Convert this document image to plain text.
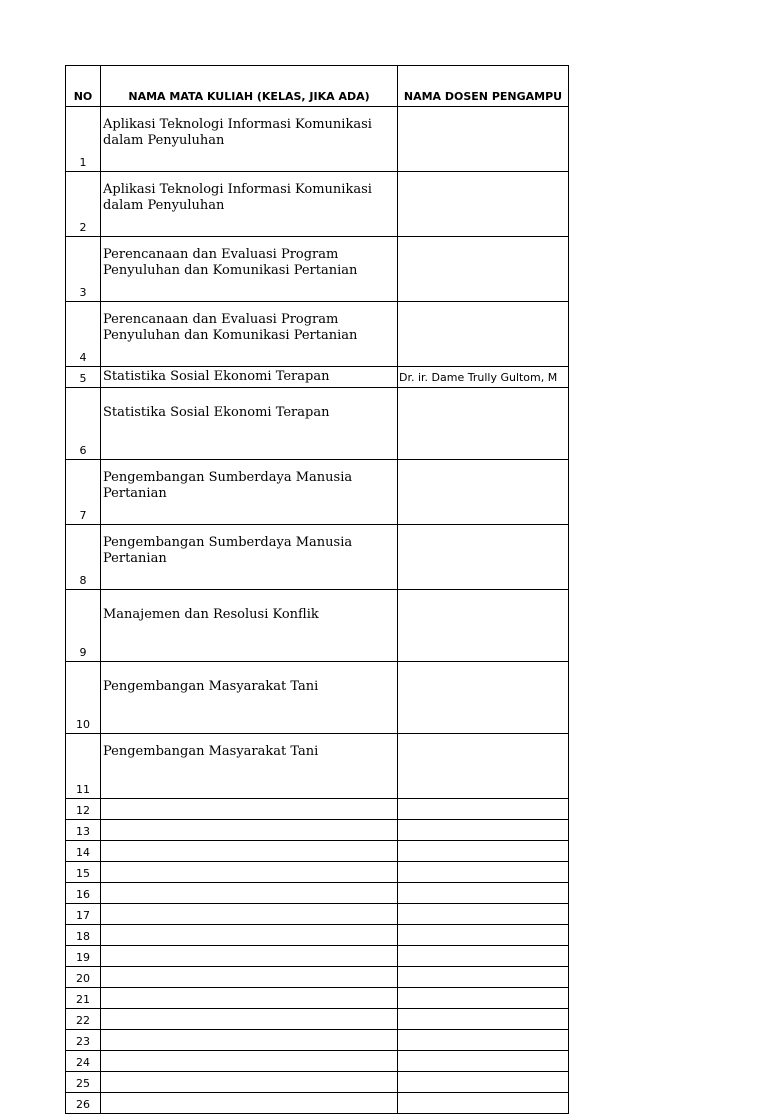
NO	NAMA MATA KULIAH (KELAS, JIKA ADA)	NAMA DOSEN PENGAMPU
1	Aplikasi Teknologi Informasi Komunikasi dalam Penyuluhan	
2	Aplikasi Teknologi Informasi Komunikasi dalam Penyuluhan	
3	Perencanaan dan Evaluasi Program Penyuluhan dan Komunikasi Pertanian	
4	Perencanaan dan Evaluasi Program Penyuluhan dan Komunikasi Pertanian	
5	Statistika Sosial Ekonomi Terapan	Dr. ir. Dame Trully Gultom, M
6	Statistika Sosial Ekonomi Terapan	
7	Pengembangan Sumberdaya Manusia Pertanian	
8	Pengembangan Sumberdaya Manusia Pertanian	
9	Manajemen dan Resolusi Konflik	
10	Pengembangan Masyarakat Tani	
11	Pengembangan Masyarakat Tani	
12		
13		
14		
15		
16		
17		
18		
19		
20		
21		
22		
23		
24		
25		
26		
